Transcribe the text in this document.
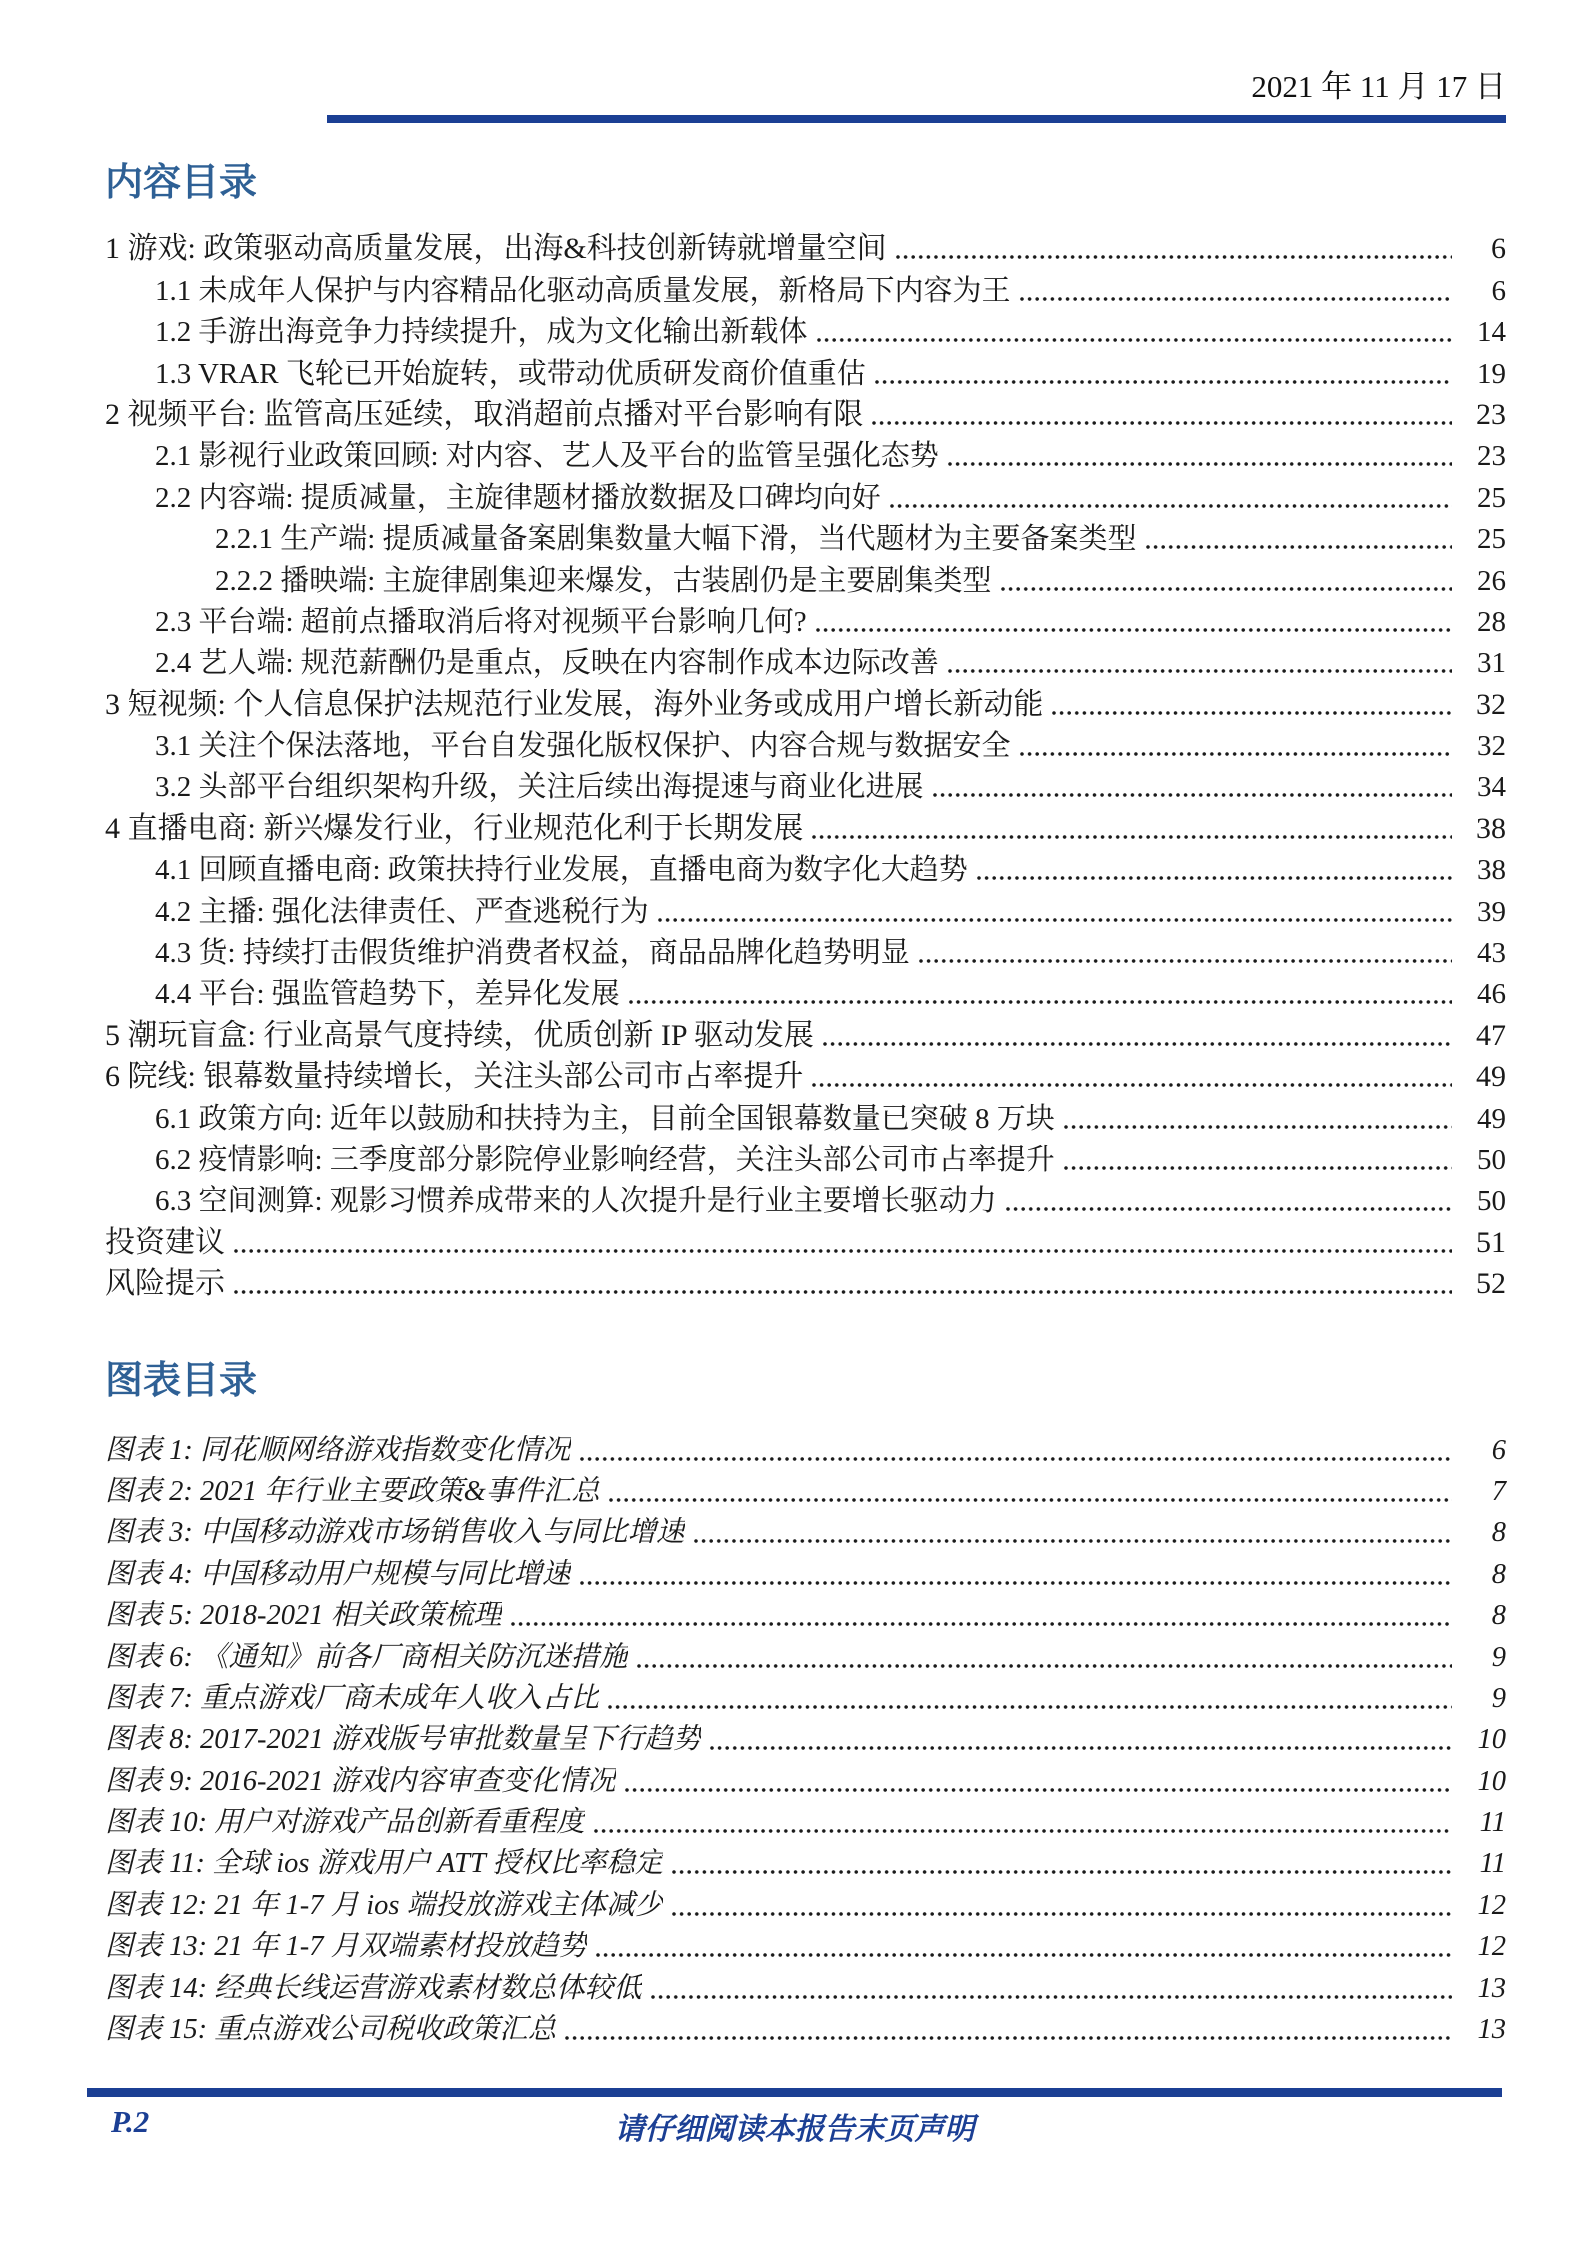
2021 年 11 月 17 日
内容目录
1 游戏: 政策驱动高质量发展，出海&科技创新铸就增量空间	6
1.1 未成年人保护与内容精品化驱动高质量发展，新格局下内容为王	6
1.2 手游出海竞争力持续提升，成为文化输出新载体	14
1.3 VRAR 飞轮已开始旋转，或带动优质研发商价值重估	19
2 视频平台: 监管高压延续，取消超前点播对平台影响有限	23
2.1 影视行业政策回顾: 对内容、艺人及平台的监管呈强化态势	23
2.2 内容端: 提质减量，主旋律题材播放数据及口碑均向好	25
2.2.1 生产端: 提质减量备案剧集数量大幅下滑，当代题材为主要备案类型	25
2.2.2 播映端: 主旋律剧集迎来爆发，古装剧仍是主要剧集类型	26
2.3 平台端: 超前点播取消后将对视频平台影响几何?	28
2.4 艺人端: 规范薪酬仍是重点，反映在内容制作成本边际改善	31
3 短视频: 个人信息保护法规范行业发展，海外业务或成用户增长新动能	32
3.1 关注个保法落地，平台自发强化版权保护、内容合规与数据安全	32
3.2 头部平台组织架构升级，关注后续出海提速与商业化进展	34
4 直播电商: 新兴爆发行业，行业规范化利于长期发展	38
4.1 回顾直播电商: 政策扶持行业发展，直播电商为数字化大趋势	38
4.2 主播: 强化法律责任、严查逃税行为	39
4.3 货: 持续打击假货维护消费者权益，商品品牌化趋势明显	43
4.4 平台: 强监管趋势下，差异化发展	46
5 潮玩盲盒: 行业高景气度持续，优质创新 IP 驱动发展	47
6 院线: 银幕数量持续增长，关注头部公司市占率提升	49
6.1 政策方向: 近年以鼓励和扶持为主，目前全国银幕数量已突破 8 万块	49
6.2 疫情影响: 三季度部分影院停业影响经营，关注头部公司市占率提升	50
6.3 空间测算: 观影习惯养成带来的人次提升是行业主要增长驱动力	50
投资建议	51
风险提示	52
图表目录
图表 1: 同花顺网络游戏指数变化情况	6
图表 2: 2021 年行业主要政策&事件汇总	7
图表 3: 中国移动游戏市场销售收入与同比增速	8
图表 4: 中国移动用户规模与同比增速	8
图表 5: 2018-2021 相关政策梳理	8
图表 6: 《通知》前各厂商相关防沉迷措施	9
图表 7: 重点游戏厂商未成年人收入占比	9
图表 8: 2017-2021 游戏版号审批数量呈下行趋势	10
图表 9: 2016-2021 游戏内容审查变化情况	10
图表 10: 用户对游戏产品创新看重程度	11
图表 11: 全球 ios 游戏用户 ATT 授权比率稳定	11
图表 12: 21 年 1-7 月 ios 端投放游戏主体减少	12
图表 13: 21 年 1-7 月双端素材投放趋势	12
图表 14: 经典长线运营游戏素材数总体较低	13
图表 15: 重点游戏公司税收政策汇总	13
P.2	请仔细阅读本报告末页声明
